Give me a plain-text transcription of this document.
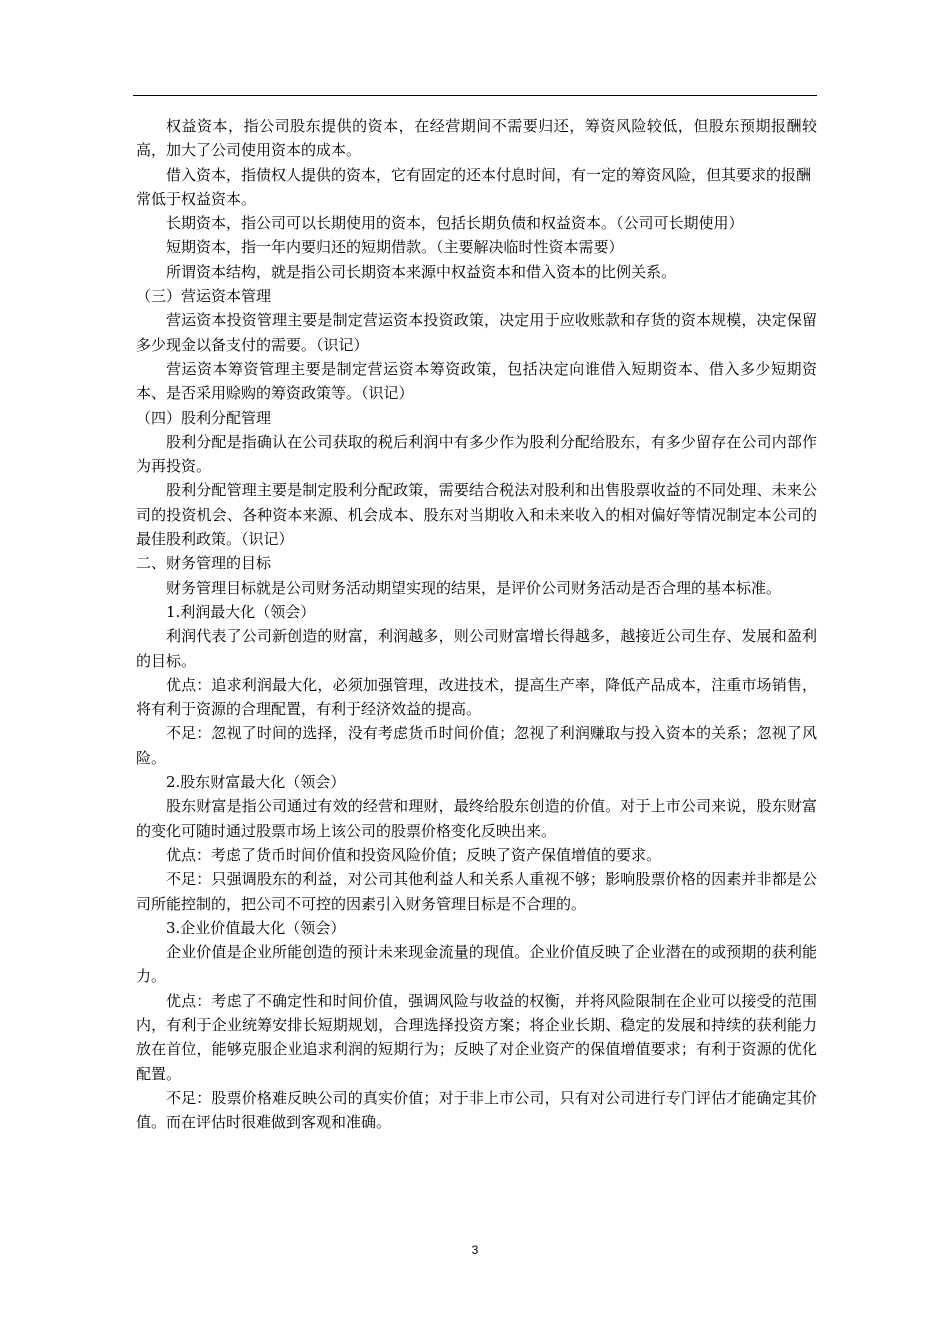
权益资本，指公司股东提供的资本，在经营期间不需要归还，筹资风险较低，但股东预期报酬较高，加大了公司使用资本的成本。

借入资本，指债权人提供的资本，它有固定的还本付息时间，有一定的筹资风险，但其要求的报酬

常低于权益资本。

长期资本，指公司可以长期使用的资本，包括长期负债和权益资本。（公司可长期使用）

短期资本，指一年内要归还的短期借款。（主要解决临时性资本需要）

所谓资本结构，就是指公司长期资本来源中权益资本和借入资本的比例关系。

（三）营运资本管理

营运资本投资管理主要是制定营运资本投资政策，决定用于应收账款和存货的资本规模，决定保留多少现金以备支付的需要。（识记）

营运资本筹资管理主要是制定营运资本筹资政策，包括决定向谁借入短期资本、借入多少短期资本、是否采用赊购的筹资政策等。（识记）

（四）股利分配管理

股利分配是指确认在公司获取的税后利润中有多少作为股利分配给股东，有多少留存在公司内部作为再投资。

股利分配管理主要是制定股利分配政策，需要结合税法对股利和出售股票收益的不同处理、未来公司的投资机会、各种资本来源、机会成本、股东对当期收入和未来收入的相对偏好等情况制定本公司的最佳股利政策。（识记）

二、财务管理的目标

财务管理目标就是公司财务活动期望实现的结果，是评价公司财务活动是否合理的基本标准。

1.利润最大化（领会）

利润代表了公司新创造的财富，利润越多，则公司财富增长得越多，越接近公司生存、发展和盈利的目标。

优点：追求利润最大化，必须加强管理，改进技术，提高生产率，降低产品成本，注重市场销售，将有利于资源的合理配置，有利于经济效益的提高。

不足：忽视了时间的选择，没有考虑货币时间价值；忽视了利润赚取与投入资本的关系；忽视了风险。

2.股东财富最大化（领会）

股东财富是指公司通过有效的经营和理财，最终给股东创造的价值。对于上市公司来说，股东财富的变化可随时通过股票市场上该公司的股票价格变化反映出来。

优点：考虑了货币时间价值和投资风险价值；反映了资产保值增值的要求。

不足：只强调股东的利益，对公司其他利益人和关系人重视不够；影响股票价格的因素并非都是公司所能控制的，把公司不可控的因素引入财务管理目标是不合理的。

3.企业价值最大化（领会）

企业价值是企业所能创造的预计未来现金流量的现值。企业价值反映了企业潜在的或预期的获利能力。

优点：考虑了不确定性和时间价值，强调风险与收益的权衡，并将风险限制在企业可以接受的范围内，有利于企业统筹安排长短期规划，合理选择投资方案；将企业长期、稳定的发展和持续的获利能力放在首位，能够克服企业追求利润的短期行为；反映了对企业资产的保值增值要求；有利于资源的优化配置。

不足：股票价格难反映公司的真实价值；对于非上市公司，只有对公司进行专门评估才能确定其价值。而在评估时很难做到客观和准确。

3
